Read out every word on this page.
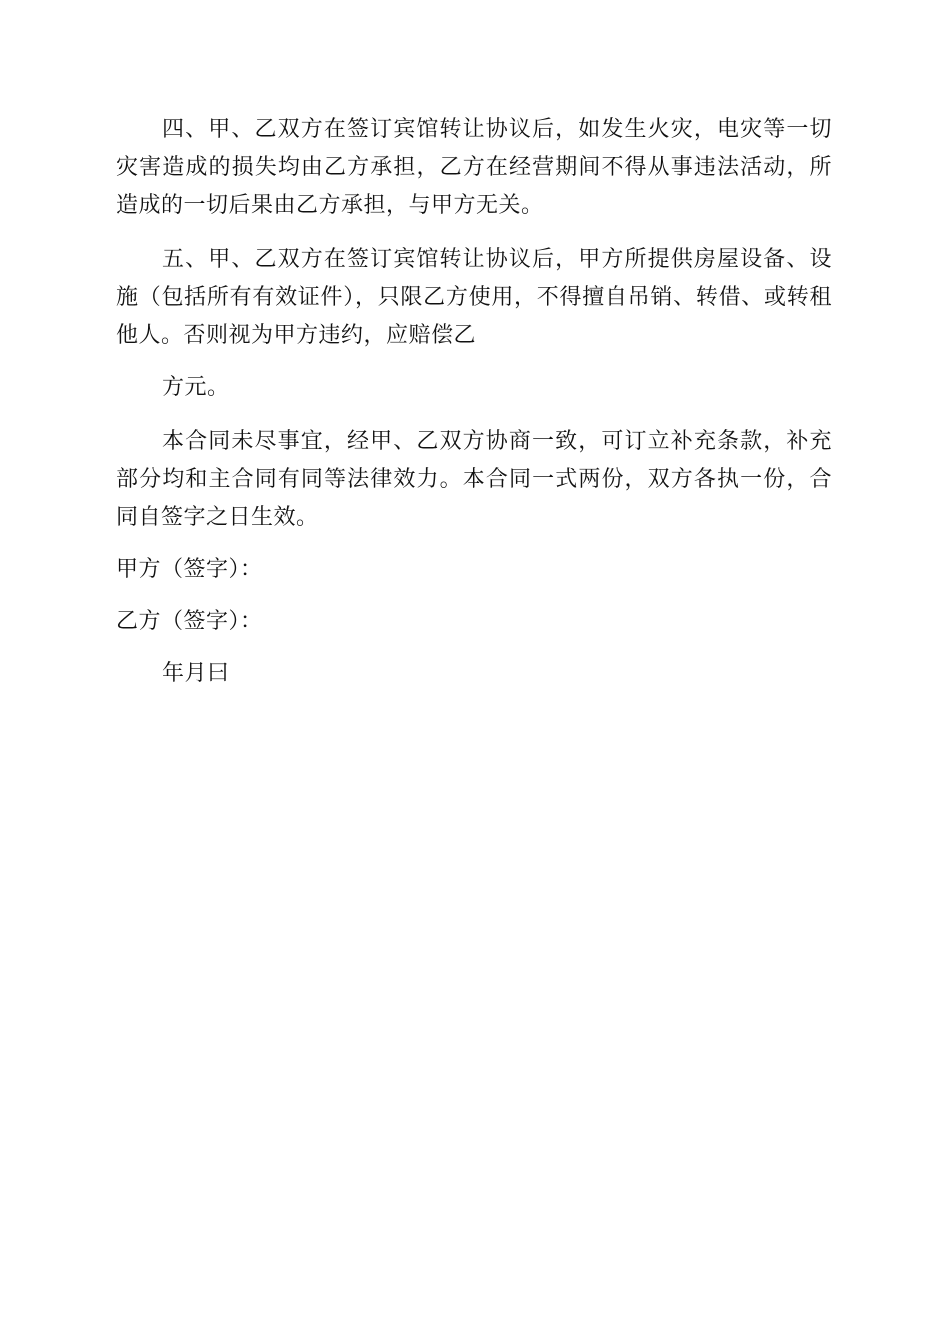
四、甲、乙双方在签订宾馆转让协议后，如发生火灾，电灾等一切灾害造成的损失均由乙方承担，乙方在经营期间不得从事违法活动，所造成的一切后果由乙方承担，与甲方无关。

五、甲、乙双方在签订宾馆转让协议后，甲方所提供房屋设备、设施（包括所有有效证件），只限乙方使用，不得擅自吊销、转借、或转租他人。否则视为甲方违约，应赔偿乙

方元。

本合同未尽事宜，经甲、乙双方协商一致，可订立补充条款，补充部分均和主合同有同等法律效力。本合同一式两份，双方各执一份，合同自签字之日生效。

甲方（签字）：

乙方（签字）：

年月曰
